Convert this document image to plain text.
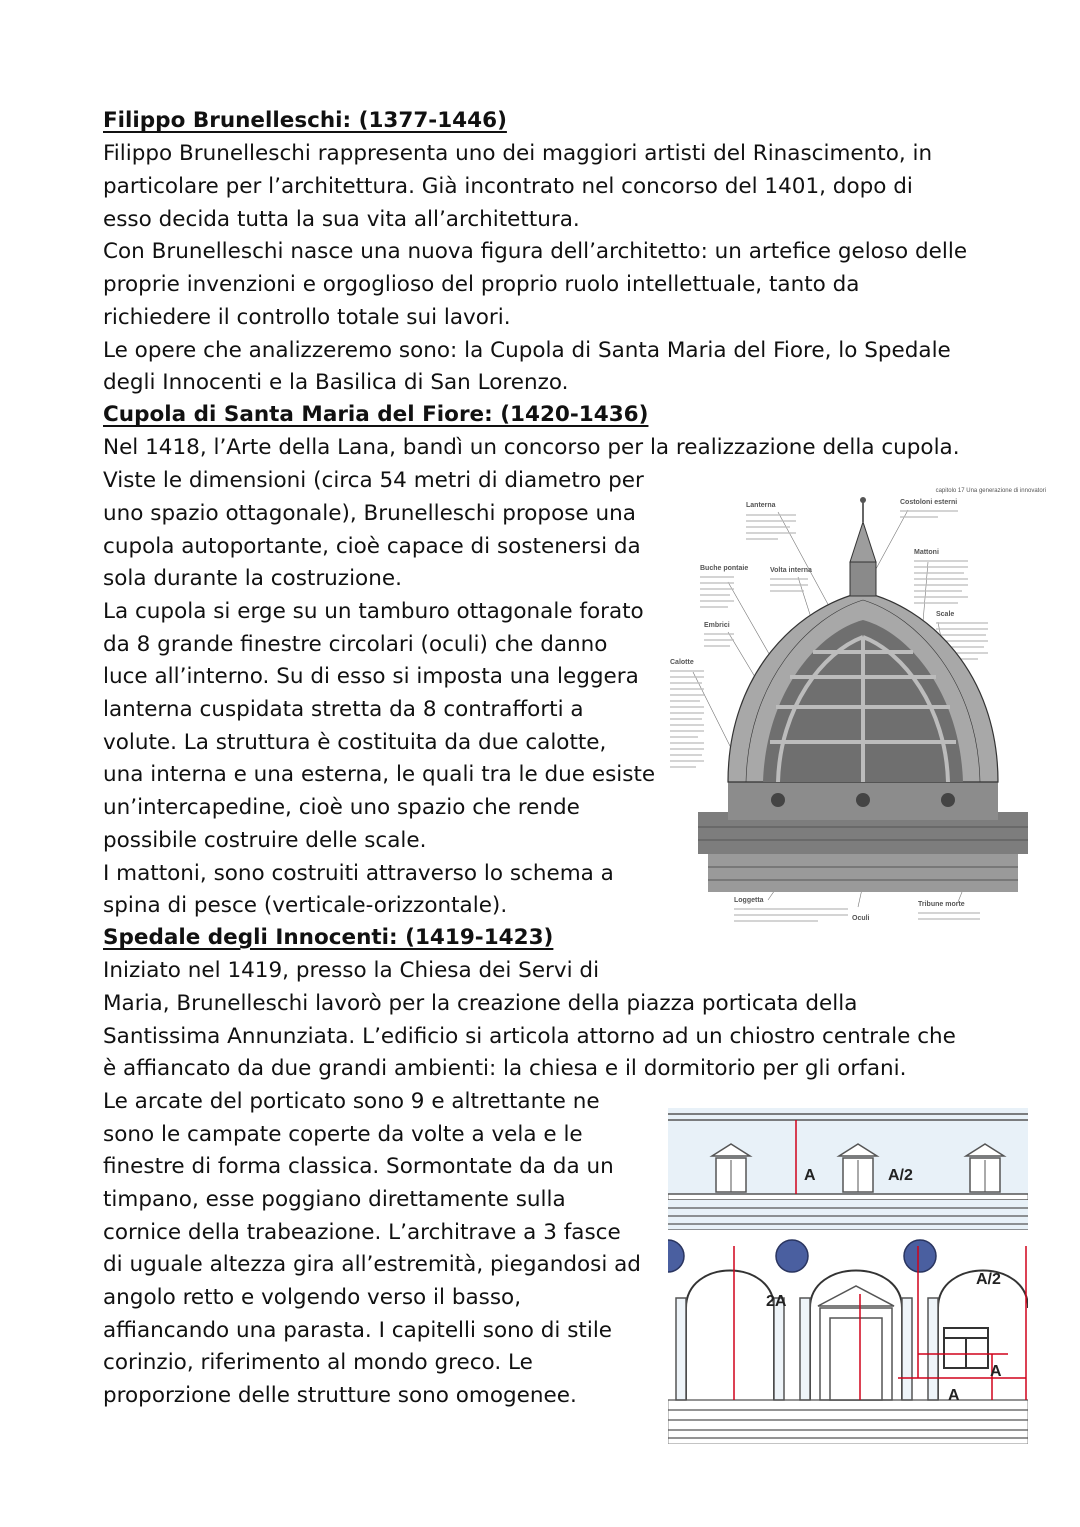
Filippo Brunelleschi: (1377-1446)
Filippo Brunelleschi rappresenta uno dei maggiori artisti del Rinascimento, in
particolare per l’architettura. Già incontrato nel concorso del 1401, dopo di
esso decida tutta la sua vita all’architettura.
Con Brunelleschi nasce una nuova figura dell’architetto: un artefice geloso delle
proprie invenzioni e orgoglioso del proprio ruolo intellettuale, tanto da
richiedere il controllo totale sui lavori.
Le opere che analizzeremo sono: la Cupola di Santa Maria del Fiore, lo Spedale
degli Innocenti e la Basilica di San Lorenzo.
Cupola di Santa Maria del Fiore: (1420-1436)
Nel 1418, l’Arte della Lana, bandì un concorso per la realizzazione della cupola.
Viste le dimensioni (circa 54 metri di diametro per
uno spazio ottagonale), Brunelleschi propose una
cupola autoportante, cioè capace di sostenersi da
sola durante la costruzione.
La cupola si erge su un tamburo ottagonale forato
da 8 grande finestre circolari (oculi) che danno
luce all’interno. Su di esso si imposta una leggera
lanterna cuspidata stretta da 8 contrafforti a
volute. La struttura è costituita da due calotte,
una interna e una esterna, le quali tra le due esiste
un’intercapedine, cioè uno spazio che rende
possibile costruire delle scale.
I mattoni, sono costruiti attraverso lo schema a
spina di pesce (verticale-orizzontale).
Spedale degli Innocenti: (1419-1423)
Iniziato nel 1419, presso la Chiesa dei Servi di
Maria, Brunelleschi lavorò per la creazione della piazza porticata della
Santissima Annunziata. L’edificio si articola attorno ad un chiostro centrale che
è affiancato da due grandi ambienti: la chiesa e il dormitorio per gli orfani.
Le arcate del porticato sono 9 e altrettante ne
sono le campate coperte da volte a vela e le
finestre di forma classica. Sormontate da da un
timpano, esse poggiano direttamente sulla
cornice della trabeazione. L’architrave a 3 fasce
di uguale altezza gira all’estremità, piegandosi ad
angolo retto e volgendo verso il basso,
affiancando una parasta. I capitelli sono di stile
corinzio, riferimento al mondo greco. Le
proporzione delle strutture sono omogenee.
capitolo 17 Una generazione di innovatori
Lanterna	Costoloni esterni
Mattoni
Buche pontaie	Volta interna
Embrici
Scale
Calotte
Loggetta
Oculi
Tribune morte
A	A/2
2A
A/2
A
A
